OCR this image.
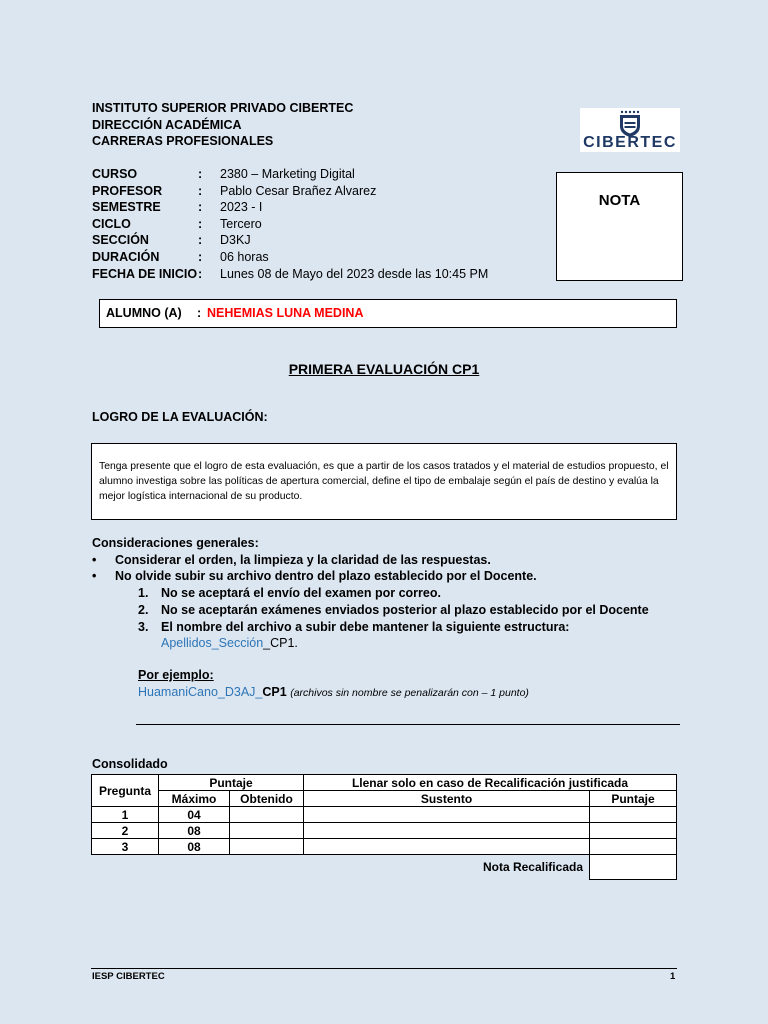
INSTITUTO SUPERIOR PRIVADO CIBERTEC
DIRECCIÓN ACADÉMICA
CARRERAS PROFESIONALES	CIBERTEC
NOTA
CURSO	:	2380 – Marketing Digital
PROFESOR	:	Pablo Cesar Brañez Alvarez
SEMESTRE	:	2023 - I
CICLO	:	Tercero
SECCIÓN	:	D3KJ
DURACIÓN	:	06 horas
FECHA DE INICIO :	Lunes 08 de Mayo del 2023 desde las 10:45 PM
ALUMNO (A) : NEHEMIAS LUNA MEDINA
PRIMERA EVALUACIÓN CP1
LOGRO DE LA EVALUACIÓN:
Tenga presente que el logro de esta evaluación, es que a partir de los casos tratados y el material de estudios propuesto, el alumno investiga sobre las políticas de apertura comercial, define el tipo de embalaje según el país de destino y evalúa la mejor logística internacional de su producto.
Consideraciones generales:
• Considerar el orden, la limpieza y la claridad de las respuestas.
• No olvide subir su archivo dentro del plazo establecido por el Docente.
1. No se aceptará el envío del examen por correo.
2. No se aceptarán exámenes enviados posterior al plazo establecido por el Docente
3. El nombre del archivo a subir debe mantener la siguiente estructura:
Apellidos_Sección_CP1.
Por ejemplo:
HuamaniCano_D3AJ_CP1 (archivos sin nombre se penalizarán con – 1 punto)
Consolidado
Pregunta	Puntaje		Llenar solo en caso de Recalificación justificada	
	Máximo	Obtenido	Sustento	Puntaje
1	04			
2	08			
3	08			
Nota Recalificada				
IESP CIBERTEC	1
